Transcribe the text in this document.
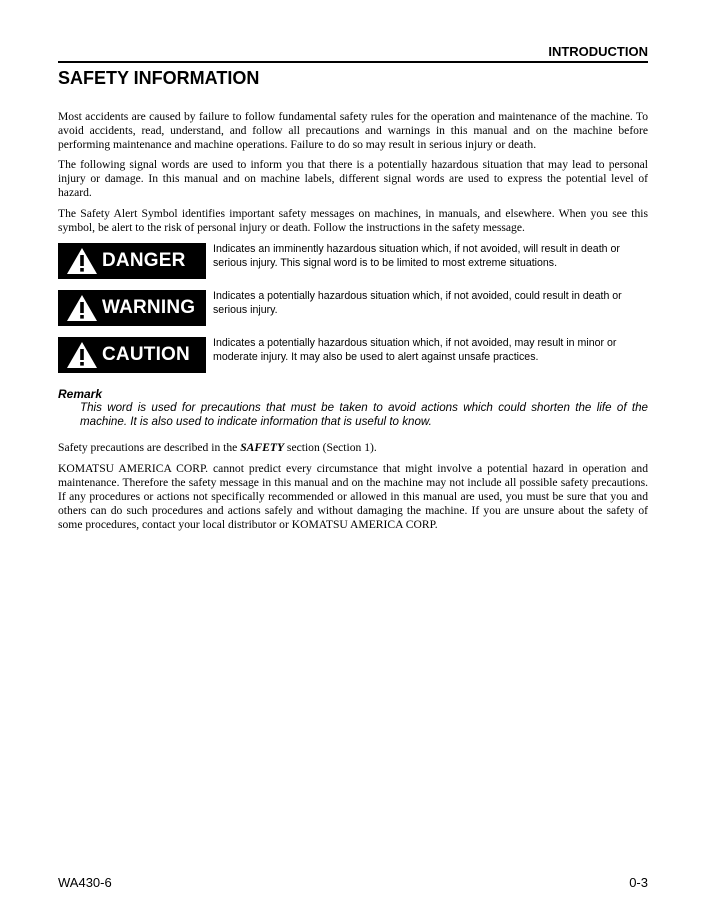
INTRODUCTION
SAFETY INFORMATION

Most accidents are caused by failure to follow fundamental safety rules for the operation and maintenance of the machine. To avoid accidents, read, understand, and follow all precautions and warnings in this manual and on the machine before performing maintenance and machine operations. Failure to do so may result in serious injury or death.

The following signal words are used to inform you that there is a potentially hazardous situation that may lead to personal injury or damage. In this manual and on machine labels, different signal words are used to express the potential level of hazard.

The Safety Alert Symbol identifies important safety messages on machines, in manuals, and elsewhere. When you see this symbol, be alert to the risk of personal injury or death. Follow the instructions in the safety message.

DANGER
Indicates an imminently hazardous situation which, if not avoided, will result in death or serious injury. This signal word is to be limited to most extreme situations.
WARNING
Indicates a potentially hazardous situation which, if not avoided, could result in death or serious injury.
CAUTION
Indicates a potentially hazardous situation which, if not avoided, may result in minor or moderate injury. It may also be used to alert against unsafe practices.
Remark

This word is used for precautions that must be taken to avoid actions which could shorten the life of the machine. It is also used to indicate information that is useful to know.

Safety precautions are described in the SAFETY section (Section 1).

KOMATSU AMERICA CORP. cannot predict every circumstance that might involve a potential hazard in operation and maintenance. Therefore the safety message in this manual and on the machine may not include all possible safety precautions. If any procedures or actions not specifically recommended or allowed in this manual are used, you must be sure that you and others can do such procedures and actions safely and without damaging the machine. If you are unsure about the safety of some procedures, contact your local distributor or KOMATSU AMERICA CORP.

WA430-6	0-3
